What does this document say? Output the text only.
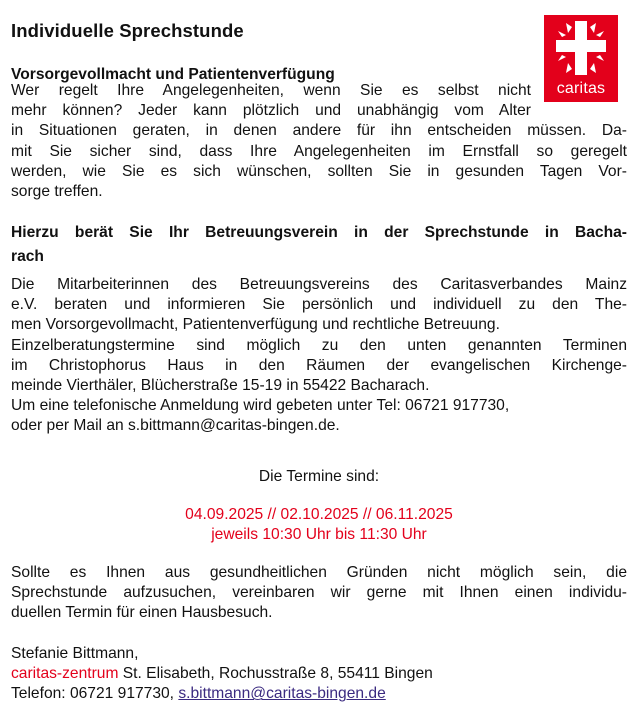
Individuelle Sprechstunde
caritas

Vorsorgevollmacht und Patientenverfügung

Wer regelt Ihre Angelegenheiten, wenn Sie es selbst nicht
mehr können? Jeder kann plötzlich und unabhängig vom Alter
in Situationen geraten, in denen andere für ihn entscheiden müssen. Da-
mit Sie sicher sind, dass Ihre Angelegenheiten im Ernstfall so geregelt
werden, wie Sie es sich wünschen, sollten Sie in gesunden Tagen Vor-
sorge treffen.
Hierzu berät Sie Ihr Betreuungsverein in der Sprechstunde in Bacha-
rach
Die Mitarbeiterinnen des Betreuungsvereins des Caritasverbandes Mainz
e.V. beraten und informieren Sie persönlich und individuell zu den The-
men Vorsorgevollmacht, Patientenverfügung und rechtliche Betreuung.
Einzelberatungstermine sind möglich zu den unten genannten Terminen
im Christophorus Haus in den Räumen der evangelischen Kirchenge-
meinde Vierthäler, Blücherstraße 15-19 in 55422 Bacharach.
Um eine telefonische Anmeldung wird gebeten unter Tel: 06721 917730,
oder per Mail an s.bittmann@caritas-bingen.de.
Die Termine sind:
04.09.2025 // 02.10.2025 // 06.11.2025
jeweils 10:30 Uhr bis 11:30 Uhr
Sollte es Ihnen aus gesundheitlichen Gründen nicht möglich sein, die
Sprechstunde aufzusuchen, vereinbaren wir gerne mit Ihnen einen individu-
duellen Termin für einen Hausbesuch.
Stefanie Bittmann,
caritas-zentrum St. Elisabeth, Rochusstraße 8, 55411 Bingen
Telefon: 06721 917730, s.bittmann@caritas-bingen.de
